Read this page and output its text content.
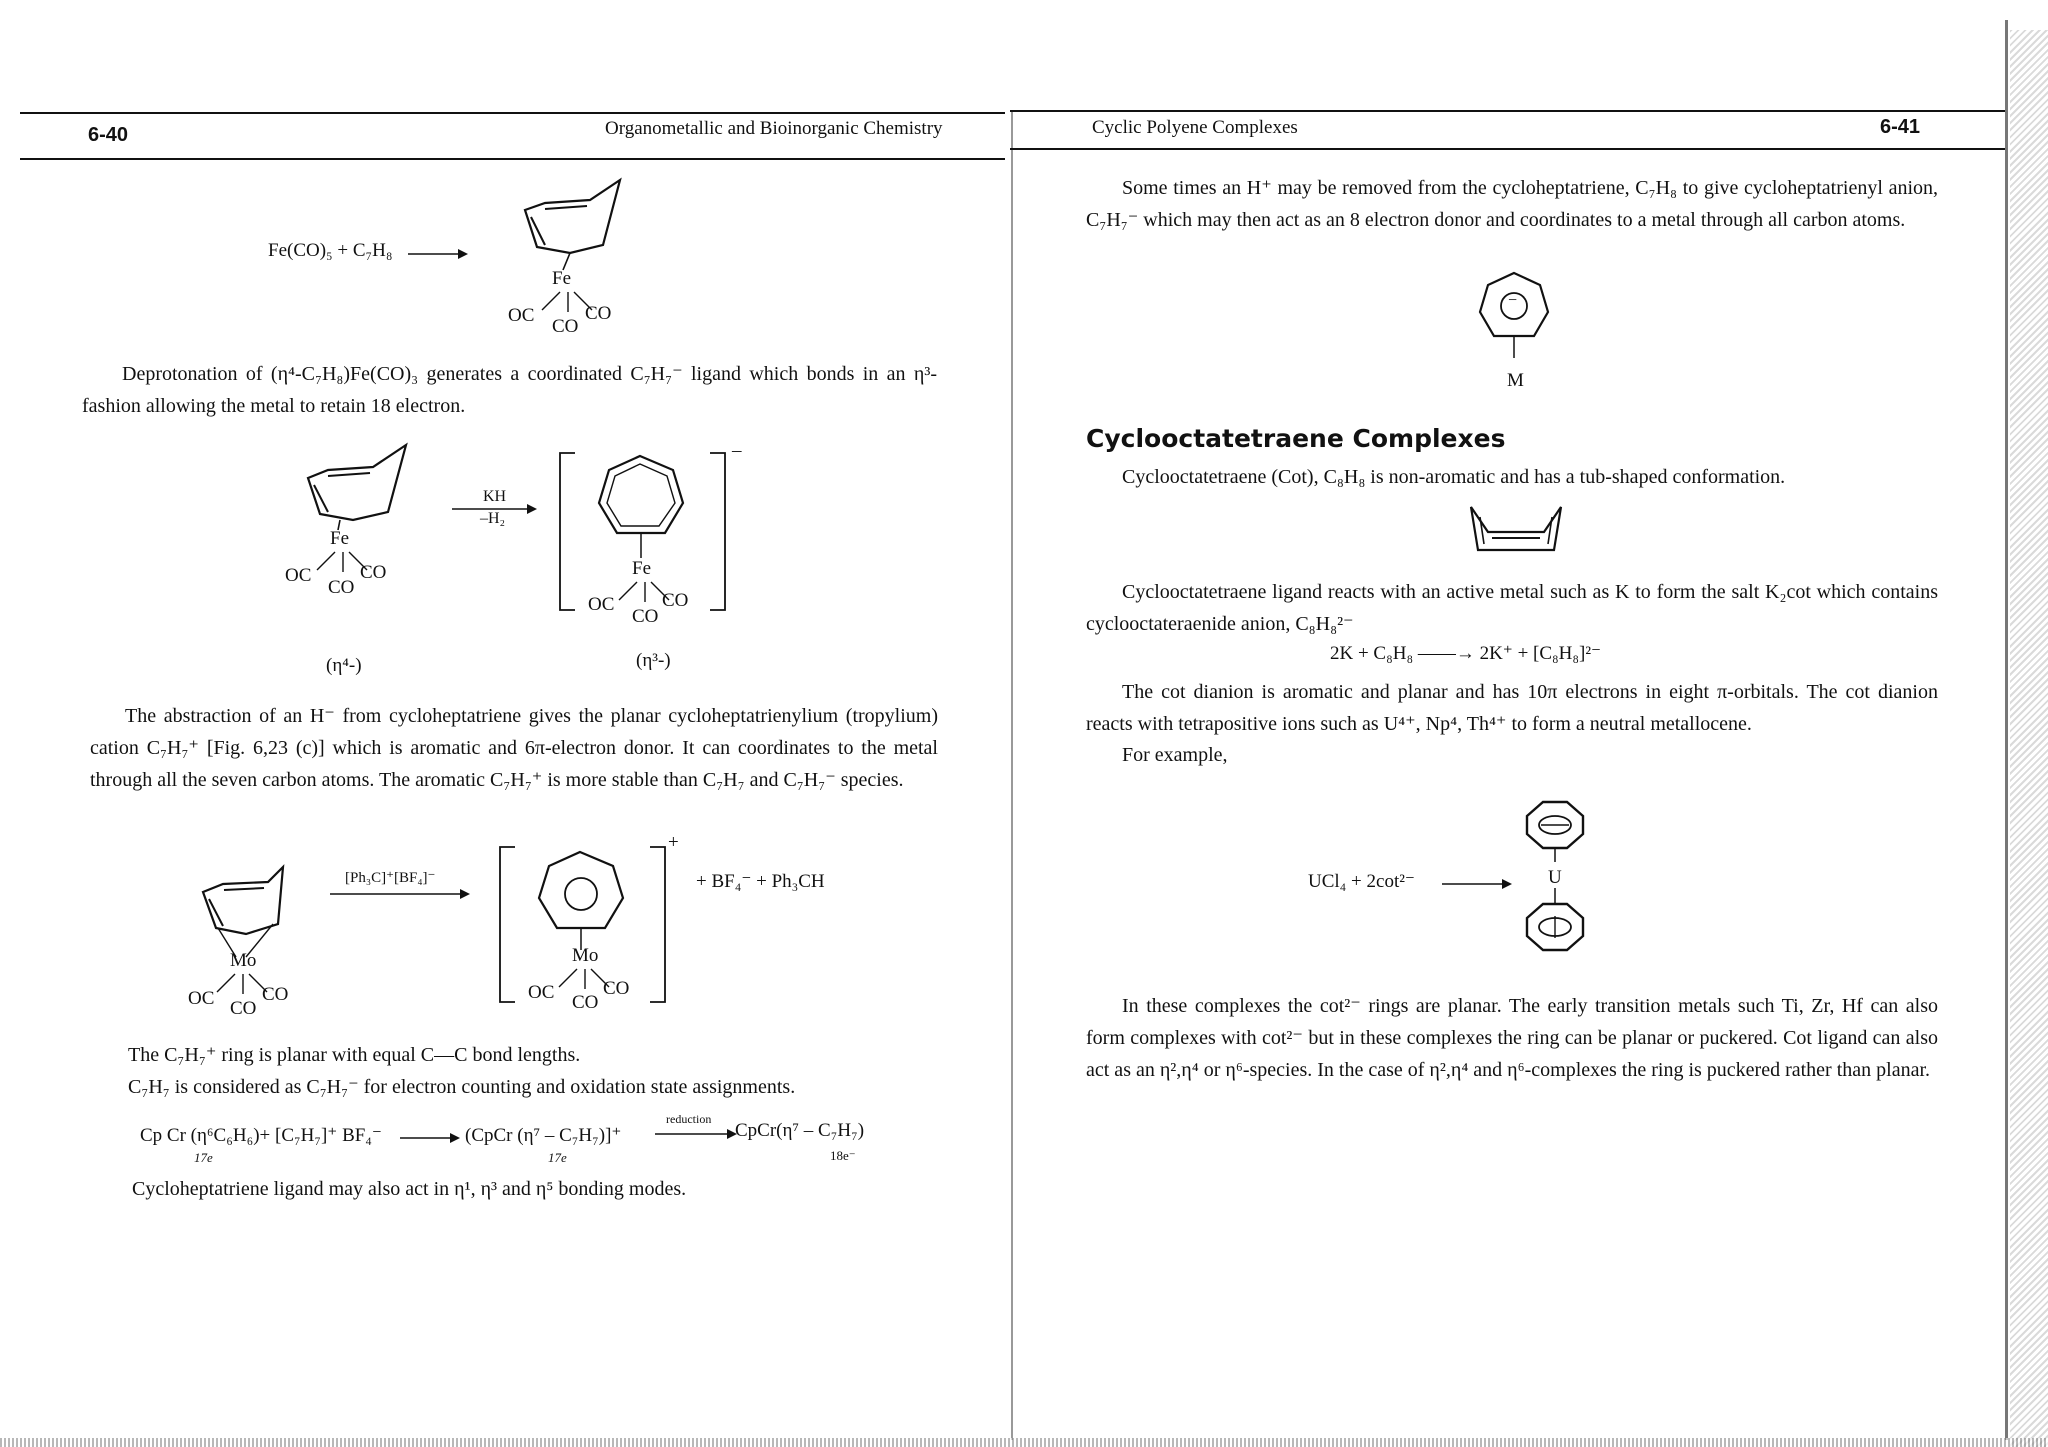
6-40	Organometallic and Bioinorganic Chemistry
Fe(CO)₅ + C₇H₈
Fe
OC	CO
CO

Deprotonation of (η⁴-C₇H₈)Fe(CO)₃ generates a coordinated C₇H₇⁻ ligand which bonds in an η³-fashion allowing the metal to retain 18 electron.

Fe
OC	CO
CO
KH
–H₂
–
Fe
OC	CO
CO
(η⁴-)	(η³-)

The abstraction of an H⁻ from cycloheptatriene gives the planar cycloheptatrienylium (tropylium) cation C₇H₇⁺ [Fig. 6,23 (c)] which is aromatic and 6π-electron donor. It can coordinates to the metal through all the seven carbon atoms. The aromatic C₇H₇⁺ is more stable than C₇H₇ and C₇H₇⁻ species.

Mo
OC	CO
CO
[Ph₃C]⁺[BF₄]⁻
+
Mo
OC	CO
CO
+ BF₄⁻ + Ph₃CH
The C₇H₇⁺ ring is planar with equal C—C bond lengths.
C₇H₇ is considered as C₇H₇⁻ for electron counting and oxidation state assignments.
Cp Cr (η⁶C₆H₆)+ [C₇H₇]⁺ BF₄⁻	(CpCr (η⁷ – C₇H₇)]⁺
reduction
CpCr(η⁷ – C₇H₇)
17e	17e	18e⁻
Cycloheptatriene ligand may also act in η¹, η³ and η⁵ bonding modes.
Cyclic Polyene Complexes	6-41

Some times an H⁺ may be removed from the cycloheptatriene, C₇H₈ to give cycloheptatrienyl anion, C₇H₇⁻ which may then act as an 8 electron donor and coordinates to a metal through all carbon atoms.

−
M
Cyclooctatetraene Complexes
Cyclooctatetraene (Cot), C₈H₈ is non-aromatic and has a tub-shaped conformation.

Cyclooctatetraene ligand reacts with an active metal such as K to form the salt K₂cot which contains cyclooctateraenide anion, C₈H₈²⁻

2K + C₈H₈ ——→ 2K⁺ + [C₈H₈]²⁻

The cot dianion is aromatic and planar and has 10π electrons in eight π-orbitals. The cot dianion reacts with tetrapositive ions such as U⁴⁺, Np⁴, Th⁴⁺ to form a neutral metallocene.

For example,
UCl₄ + 2cot²⁻	U

In these complexes the cot²⁻ rings are planar. The early transition metals such Ti, Zr, Hf can also form complexes with cot²⁻ but in these complexes the ring can be planar or puckered. Cot ligand can also act as an η²,η⁴ or η⁶-species. In the case of η²,η⁴ and η⁶-complexes the ring is puckered rather than planar.
